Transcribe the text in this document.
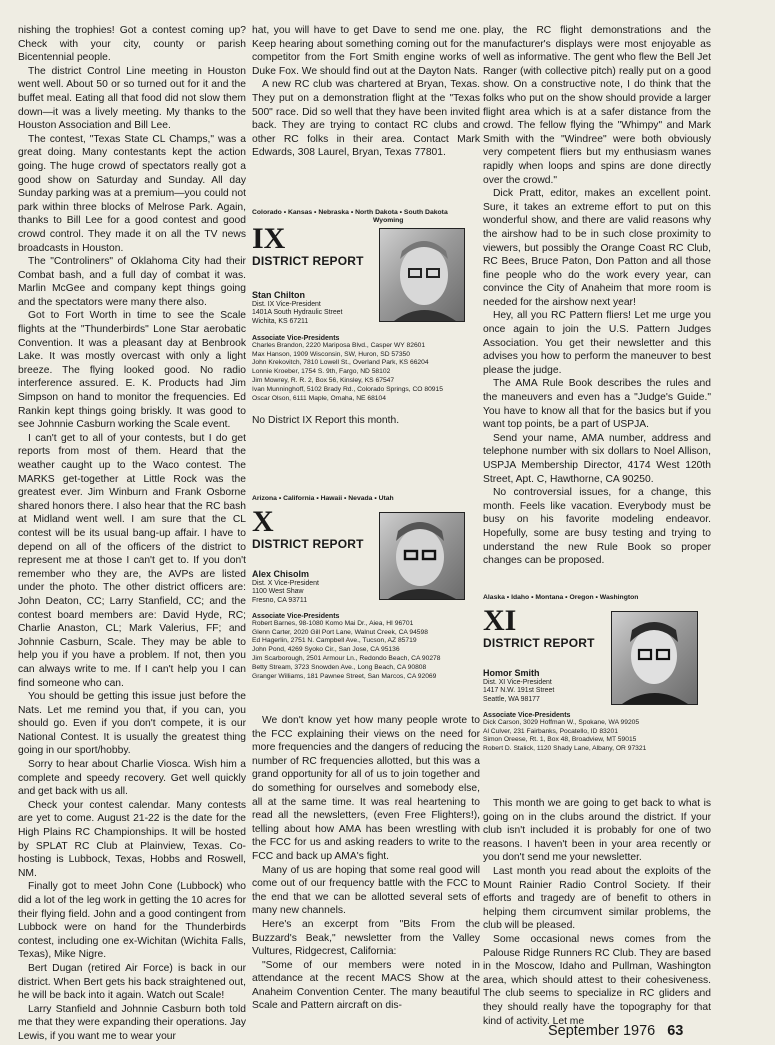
nishing the trophies! Got a contest coming up? Check with your city, county or parish Bicentennial people.

The district Control Line meeting in Houston went well. About 50 or so turned out for it and the buffet meal. Eating all that food did not slow them down—it was a lively meeting. My thanks to the Houston Association and Bill Lee.

The contest, "Texas State CL Champs," was a great doing. Many contestants kept the action going. The huge crowd of spectators really got a good show on Saturday and Sunday. All day Sunday parking was at a premium—you could not park within three blocks of Melrose Park. Again, thanks to Bill Lee for a good contest and good crowd control. They made it on all the TV news broadcasts in Houston.

The "Controliners" of Oklahoma City had their Combat bash, and a full day of combat it was. Marlin McGee and company kept things going and the spectators were many there also.

Got to Fort Worth in time to see the Scale flights at the "Thunderbirds" Lone Star aerobatic Convention. It was a pleasant day at Benbrook Lake. It was mostly overcast with only a light breeze. The flying looked good. No radio interference assured. E. K. Products had Jim Simpson on hand to monitor the frequencies. Ed Rankin kept things going briskly. It was good to see Johnnie Casburn working the Scale event.

I can't get to all of your contests, but I do get reports from most of them. Heard that the weather caught up to the Waco contest. The MARKS get-together at Little Rock was the greatest ever. Jim Winburn and Frank Osborne shared honors there. I also hear that the RC bash at Midland went well. I am sure that the CL contest will be its usual bang-up affair. I have to depend on all of the officers of the district to represent me at those I can't get to. If you don't remember who they are, the AVPs are listed under the photo. The other district officers are: John Deaton, CC; Larry Stanfield, CC; and the contest board members are: David Hyde, RC; Charlie Anaston, CL; Mark Valerius, FF; and Johnnie Casburn, Scale. They may be able to help you if you have a problem. If not, then you can always write to me. If I can't help you I can find someone who can.

You should be getting this issue just before the Nats. Let me remind you that, if you can, you should go. Even if you don't compete, it is our National Contest. It is usually the greatest thing going in our sport/hobby.

Sorry to hear about Charlie Viosca. Wish him a complete and speedy recovery. Get well quickly and get back with us all.

Check your contest calendar. Many contests are yet to come. August 21-22 is the date for the High Plains RC Championships. It will be hosted by SPLAT RC Club at Plainview, Texas. Co-hosting is Lubbock, Texas, Hobbs and Roswell, NM.

Finally got to meet John Cone (Lubbock) who did a lot of the leg work in getting the 10 acres for their flying field. John and a good contingent from Lubbock were on hand for the Thunderbirds contest, including one ex-Wichitan (Wichita Falls, Texas), Mike Nigre.

Bert Dugan (retired Air Force) is back in our district. When Bert gets his back straightened out, he will be back into it again. Watch out Scale!

Larry Stanfield and Johnnie Casburn both told me that they were expanding their operations. Jay Lewis, if you want me to wear your

hat, you will have to get Dave to send me one. Keep hearing about something coming out for the competitor from the Fort Smith engine works of Duke Fox. We should find out at the Dayton Nats.

A new RC club was chartered at Bryan, Texas. They put on a demonstration flight at the "Texas 500" race. Did so well that they have been invited back. They are trying to contact RC clubs and other RC folks in their area. Contact Mark Edwards, 308 Laurel, Bryan, Texas 77801.

Colorado • Kansas • Nebraska • North Dakota • South Dakota
Wyoming
IX
DISTRICT REPORT
Stan Chilton
Dist. IX Vice-President
1401A South Hydraulic Street
Wichita, KS 67211
Associate Vice-Presidents
Charles Brandon, 2220 Mariposa Blvd., Casper WY 82601
Max Hanson, 1909 Wisconsin, SW, Huron, SD 57350
John Krekovitch, 7810 Lowell St., Overland Park, KS 66204
Lonnie Kroeber, 1754 S. 9th, Fargo, ND 58102
Jim Mowrey, R. R. 2, Box 56, Kinsley, KS 67547
Ivan Munninghoff, 5102 Brady Rd., Colorado Springs, CO 80915
Oscar Olson, 6111 Maple, Omaha, NE 68104
No District IX Report this month.
Arizona • California • Hawaii • Nevada • Utah
X
DISTRICT REPORT
Alex Chisolm
Dist. X Vice-President
1100 West Shaw
Fresno, CA 93711
Associate Vice-Presidents
Robert Barnes, 98-1080 Komo Mai Dr., Aiea, HI 96701
Glenn Carter, 2020 Gill Port Lane, Walnut Creek, CA 94598
Ed Hagerlin, 2751 N. Campbell Ave., Tucson, AZ 85719
John Pond, 4269 Syoko Cir., San Jose, CA 95136
Jim Scarborough, 2501 Armour Ln., Redondo Beach, CA 90278
Betty Stream, 3723 Snowden Ave., Long Beach, CA 90808
Granger Williams, 181 Pawnee Street, San Marcos, CA 92069

We don't know yet how many people wrote to the FCC explaining their views on the need for more frequencies and the dangers of reducing the number of RC frequencies allotted, but this was a grand opportunity for all of us to join together and do something for ourselves and somebody else, all at the same time. It was real heartening to read all the newsletters, (even Free Flighters!), telling about how AMA has been wrestling with the FCC for us and asking readers to write to the FCC and back up AMA's fight.

Many of us are hoping that some real good will come out of our frequency battle with the FCC to the end that we can be allotted several sets of many new channels.

Here's an excerpt from "Bits From the Buzzard's Beak," newsletter from the Valley Vultures, Ridgecrest, California:

"Some of our members were noted in attendance at the recent MACS Show at the Anaheim Convention Center. The many beautiful Scale and Pattern aircraft on dis-

play, the RC flight demonstrations and the manufacturer's displays were most enjoyable as well as informative. The gent who flew the Bell Jet Ranger (with collective pitch) really put on a good show. On a constructive note, I do think that the folks who put on the show should provide a larger flight area which is at a safer distance from the crowd. The fellow flying the "Whimpy" and Mark Smith with the "Windree" were both obviously very competent fliers but my enthusiasm wanes rapidly when loops and spins are done directly over the crowd."

Dick Pratt, editor, makes an excellent point. Sure, it takes an extreme effort to put on this wonderful show, and there are valid reasons why the airshow had to be in such close proximity to viewers, but possibly the Orange Coast RC Club, RC Bees, Bruce Paton, Don Patton and all those fine people who do the work every year, can convince the City of Anaheim that more room is needed for the airshow next year!

Hey, all you RC Pattern fliers! Let me urge you once again to join the U.S. Pattern Judges Association. You get their newsletter and this advises you how to perform the maneuver to best please the judge.

The AMA Rule Book describes the rules and the maneuvers and even has a "Judge's Guide." You have to know all that for the basics but if you want top points, be a part of USPJA.

Send your name, AMA number, address and telephone number with six dollars to Noel Allison, USPJA Membership Director, 4174 West 120th Street, Apt. C, Hawthorne, CA 90250.

No controversial issues, for a change, this month. Feels like vacation. Everybody must be busy on his favorite modeling endeavor. Hopefully, some are busy testing and trying to understand the new Rule Book so proper changes can be proposed.

Alaska • Idaho • Montana • Oregon • Washington
XI
DISTRICT REPORT
Homor Smith
Dist. XI Vice-President
1417 N.W. 191st Street
Seattle, WA 98177
Associate Vice-Presidents
Dick Carson, 3029 Hoffman W., Spokane, WA 99205
Al Culver, 231 Fairbanks, Pocatello, ID 83201
Simon Oreese, Rt. 1, Box 48, Broadview, MT 59015
Robert D. Stalick, 1120 Shady Lane, Albany, OR 97321

This month we are going to get back to what is going on in the clubs around the district. If your club isn't included it is probably for one of two reasons. I haven't been in your area recently or you don't send me your newsletter.

Last month you read about the exploits of the Mount Rainier Radio Control Society. If their efforts and tragedy are of benefit to others in helping them circumvent similar problems, the club will be pleased.

Some occasional news comes from the Palouse Ridge Runners RC Club. They are based in the Moscow, Idaho and Pullman, Washington area, which should attest to their cohesiveness. The club seems to specialize in RC gliders and they should really have the topography for that kind of activity. Let me

September 1976 63
